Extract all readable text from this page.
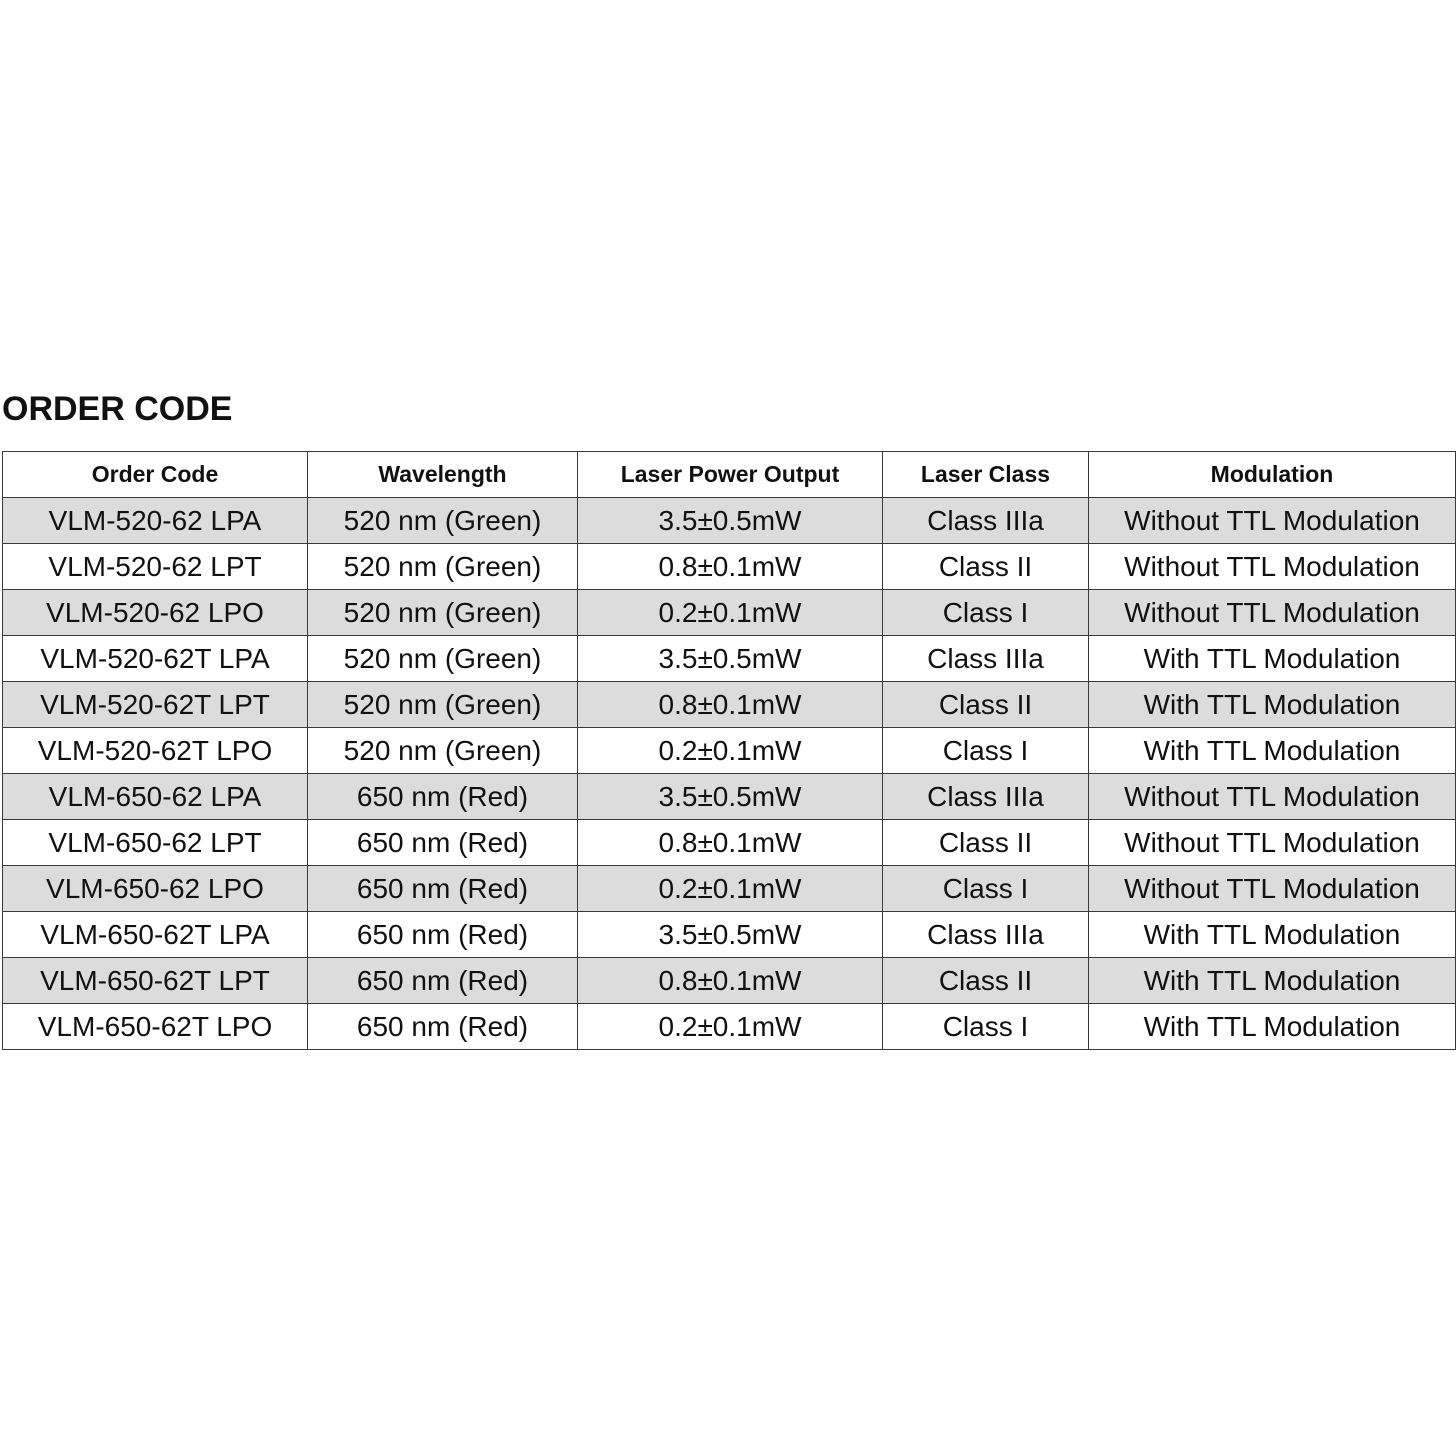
ORDER CODE
Order Code	Wavelength	Laser Power Output	Laser Class	Modulation
VLM-520-62 LPA	520 nm (Green)	3.5±0.5mW	Class IIIa	Without TTL Modulation
VLM-520-62 LPT	520 nm (Green)	0.8±0.1mW	Class II	Without TTL Modulation
VLM-520-62 LPO	520 nm (Green)	0.2±0.1mW	Class I	Without TTL Modulation
VLM-520-62T LPA	520 nm (Green)	3.5±0.5mW	Class IIIa	With TTL Modulation
VLM-520-62T LPT	520 nm (Green)	0.8±0.1mW	Class II	With TTL Modulation
VLM-520-62T LPO	520 nm (Green)	0.2±0.1mW	Class I	With TTL Modulation
VLM-650-62 LPA	650 nm (Red)	3.5±0.5mW	Class IIIa	Without TTL Modulation
VLM-650-62 LPT	650 nm (Red)	0.8±0.1mW	Class II	Without TTL Modulation
VLM-650-62 LPO	650 nm (Red)	0.2±0.1mW	Class I	Without TTL Modulation
VLM-650-62T LPA	650 nm (Red)	3.5±0.5mW	Class IIIa	With TTL Modulation
VLM-650-62T LPT	650 nm (Red)	0.8±0.1mW	Class II	With TTL Modulation
VLM-650-62T LPO	650 nm (Red)	0.2±0.1mW	Class I	With TTL Modulation
